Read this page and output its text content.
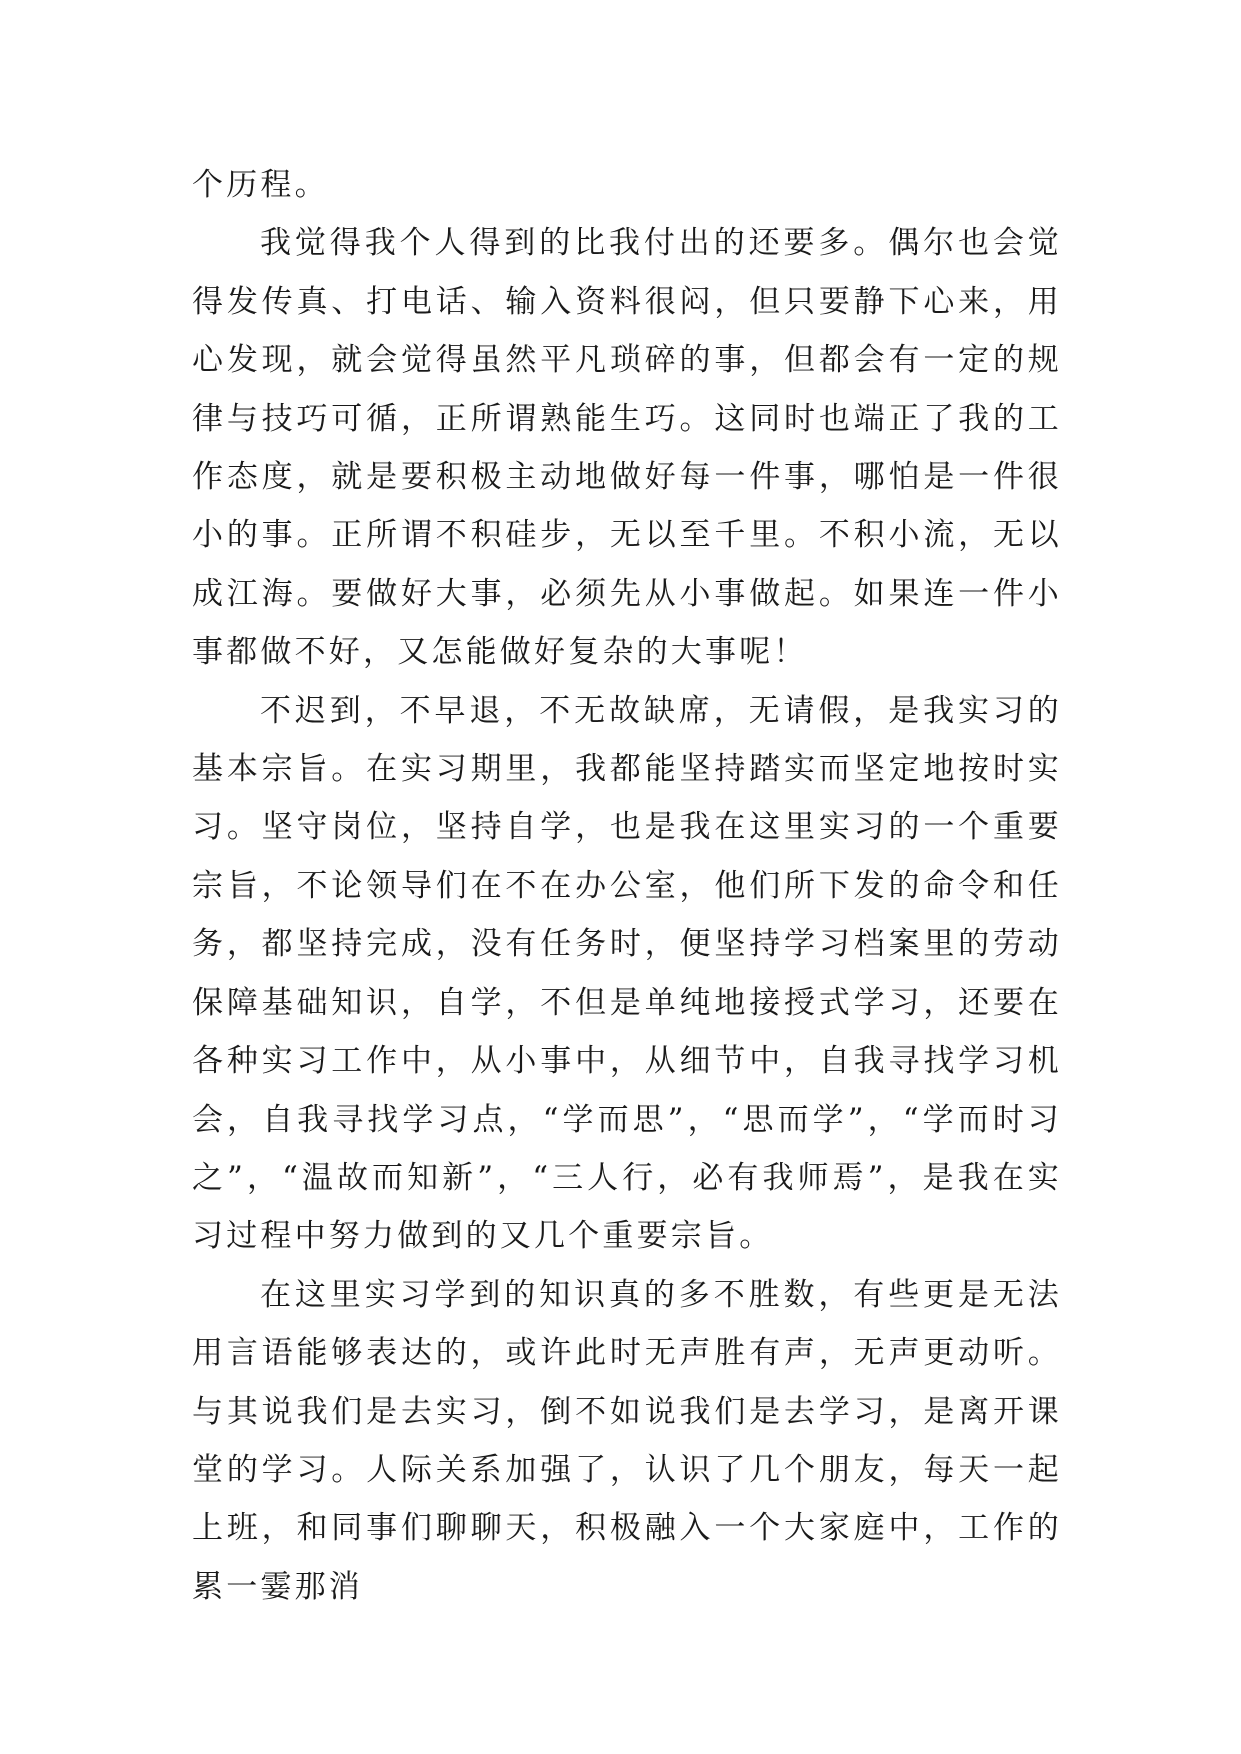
个历程。

我觉得我个人得到的比我付出的还要多。偶尔也会觉得发传真、打电话、输入资料很闷，但只要静下心来，用心发现，就会觉得虽然平凡琐碎的事，但都会有一定的规律与技巧可循，正所谓熟能生巧。这同时也端正了我的工作态度，就是要积极主动地做好每一件事，哪怕是一件很小的事。正所谓不积硅步，无以至千里。不积小流，无以成江海。要做好大事，必须先从小事做起。如果连一件小事都做不好，又怎能做好复杂的大事呢！

不迟到，不早退，不无故缺席，无请假，是我实习的基本宗旨。在实习期里，我都能坚持踏实而坚定地按时实习。坚守岗位，坚持自学，也是我在这里实习的一个重要宗旨，不论领导们在不在办公室，他们所下发的命令和任务，都坚持完成，没有任务时，便坚持学习档案里的劳动保障基础知识，自学，不但是单纯地接授式学习，还要在各种实习工作中，从小事中，从细节中，自我寻找学习机会，自我寻找学习点，“学而思”，“思而学”，“学而时习之”，“温故而知新”，“三人行，必有我师焉”，是我在实习过程中努力做到的又几个重要宗旨。

在这里实习学到的知识真的多不胜数，有些更是无法用言语能够表达的，或许此时无声胜有声，无声更动听。与其说我们是去实习，倒不如说我们是去学习，是离开课堂的学习。人际关系加强了，认识了几个朋友，每天一起上班，和同事们聊聊天，积极融入一个大家庭中，工作的累一霎那消
